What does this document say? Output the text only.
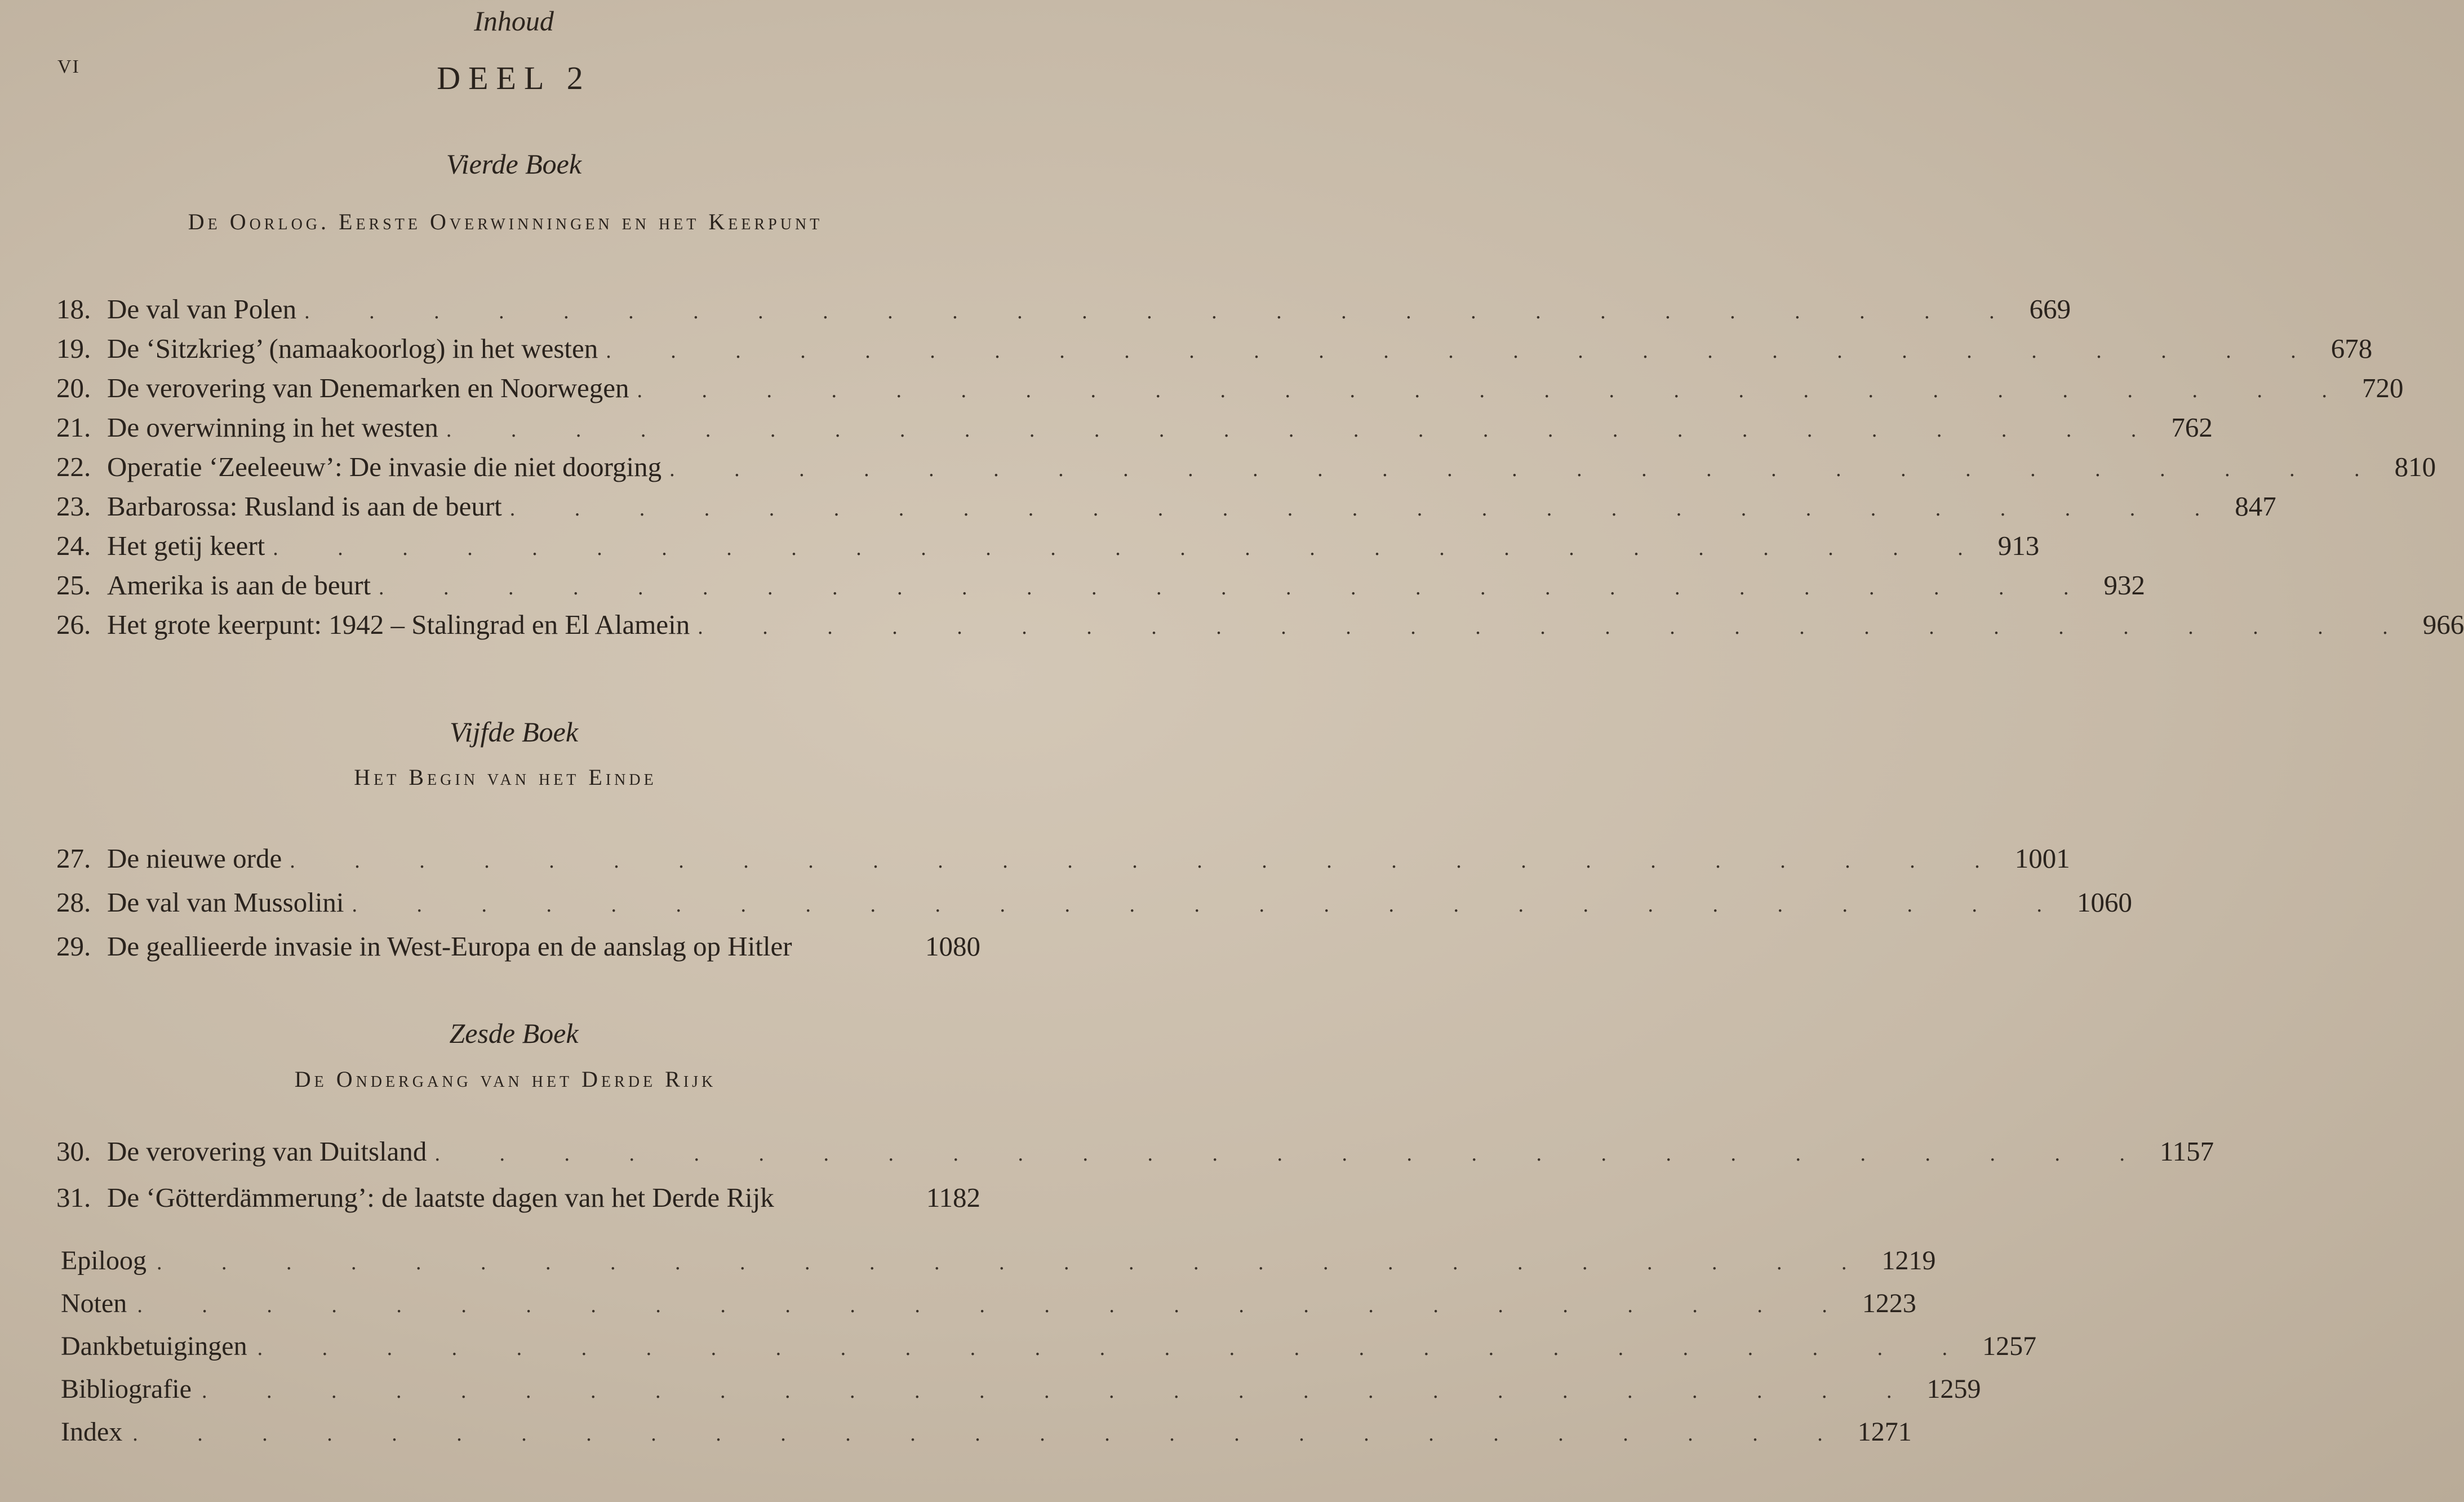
Inhoud
VI	DEEL 2
Vierde Boek
De Oorlog. Eerste Overwinningen en het Keerpunt
18. De val van Polen . . . . . . . . . . . . . . . . . . . . . . . . . . . 669
19. De ‘Sitzkrieg’ (namaakoorlog) in het westen . . . . . . . . . . . . . . . . . . . . . . . . . . . 678
20. De verovering van Denemarken en Noorwegen . . . . . . . . . . . . . . . . . . . . . . . . . . . 720
21. De overwinning in het westen . . . . . . . . . . . . . . . . . . . . . . . . . . . 762
22. Operatie ‘Zeeleeuw’: De invasie die niet doorging . . . . . . . . . . . . . . . . . . . . . . . . . . . 810
23. Barbarossa: Rusland is aan de beurt . . . . . . . . . . . . . . . . . . . . . . . . . . . 847
24. Het getij keert . . . . . . . . . . . . . . . . . . . . . . . . . . . 913
25. Amerika is aan de beurt . . . . . . . . . . . . . . . . . . . . . . . . . . . 932
26. Het grote keerpunt: 1942 – Stalingrad en El Alamein . . . . . . . . . . . . . . . . . . . . . . . . . . . 966
Vijfde Boek
Het Begin van het Einde
27. De nieuwe orde . . . . . . . . . . . . . . . . . . . . . . . . . . . 1001
28. De val van Mussolini . . . . . . . . . . . . . . . . . . . . . . . . . . . 1060
29. De geallieerde invasie in West-Europa en de aanslag op Hitler	1080
Zesde Boek
De Ondergang van het Derde Rijk
30. De verovering van Duitsland . . . . . . . . . . . . . . . . . . . . . . . . . . . 1157
31. De ‘Götterdämmerung’: de laatste dagen van het Derde Rijk	1182
Epiloog . . . . . . . . . . . . . . . . . . . . . . . . . . . 1219
Noten . . . . . . . . . . . . . . . . . . . . . . . . . . . 1223
Dankbetuigingen . . . . . . . . . . . . . . . . . . . . . . . . . . . 1257
Bibliografie . . . . . . . . . . . . . . . . . . . . . . . . . . . 1259
Index . . . . . . . . . . . . . . . . . . . . . . . . . . . 1271
